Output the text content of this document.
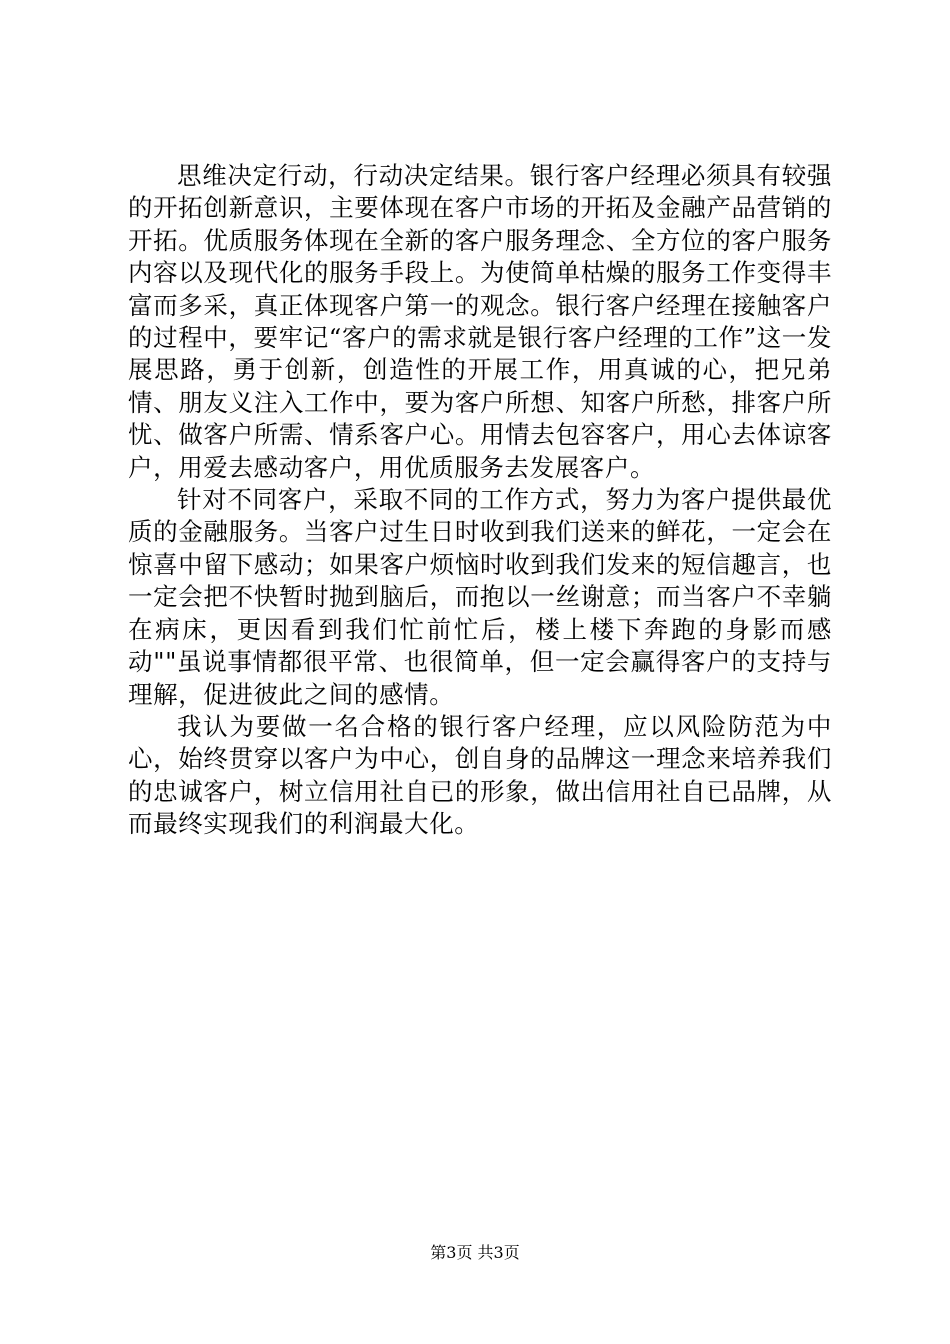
思维决定行动，行动决定结果。银行客户经理必须具有较强的开拓创新意识，主要体现在客户市场的开拓及金融产品营销的开拓。优质服务体现在全新的客户服务理念、全方位的客户服务内容以及现代化的服务手段上。为使简单枯燥的服务工作变得丰富而多采，真正体现客户第一的观念。银行客户经理在接触客户的过程中，要牢记“客户的需求就是银行客户经理的工作”这一发展思路，勇于创新，创造性的开展工作，用真诚的心，把兄弟情、朋友义注入工作中，要为客户所想、知客户所愁，排客户所忧、做客户所需、情系客户心。用情去包容客户，用心去体谅客户，用爱去感动客户，用优质服务去发展客户。

针对不同客户，采取不同的工作方式，努力为客户提供最优质的金融服务。当客户过生日时收到我们送来的鲜花，一定会在惊喜中留下感动；如果客户烦恼时收到我们发来的短信趣言，也一定会把不快暂时抛到脑后，而抱以一丝谢意；而当客户不幸躺在病床，更因看到我们忙前忙后，楼上楼下奔跑的身影而感动""虽说事情都很平常、也很简单，但一定会赢得客户的支持与理解，促进彼此之间的感情。

我认为要做一名合格的银行客户经理，应以风险防范为中心，始终贯穿以客户为中心，创自身的品牌这一理念来培养我们的忠诚客户，树立信用社自已的形象，做出信用社自已品牌，从而最终实现我们的利润最大化。

第3页 共3页
